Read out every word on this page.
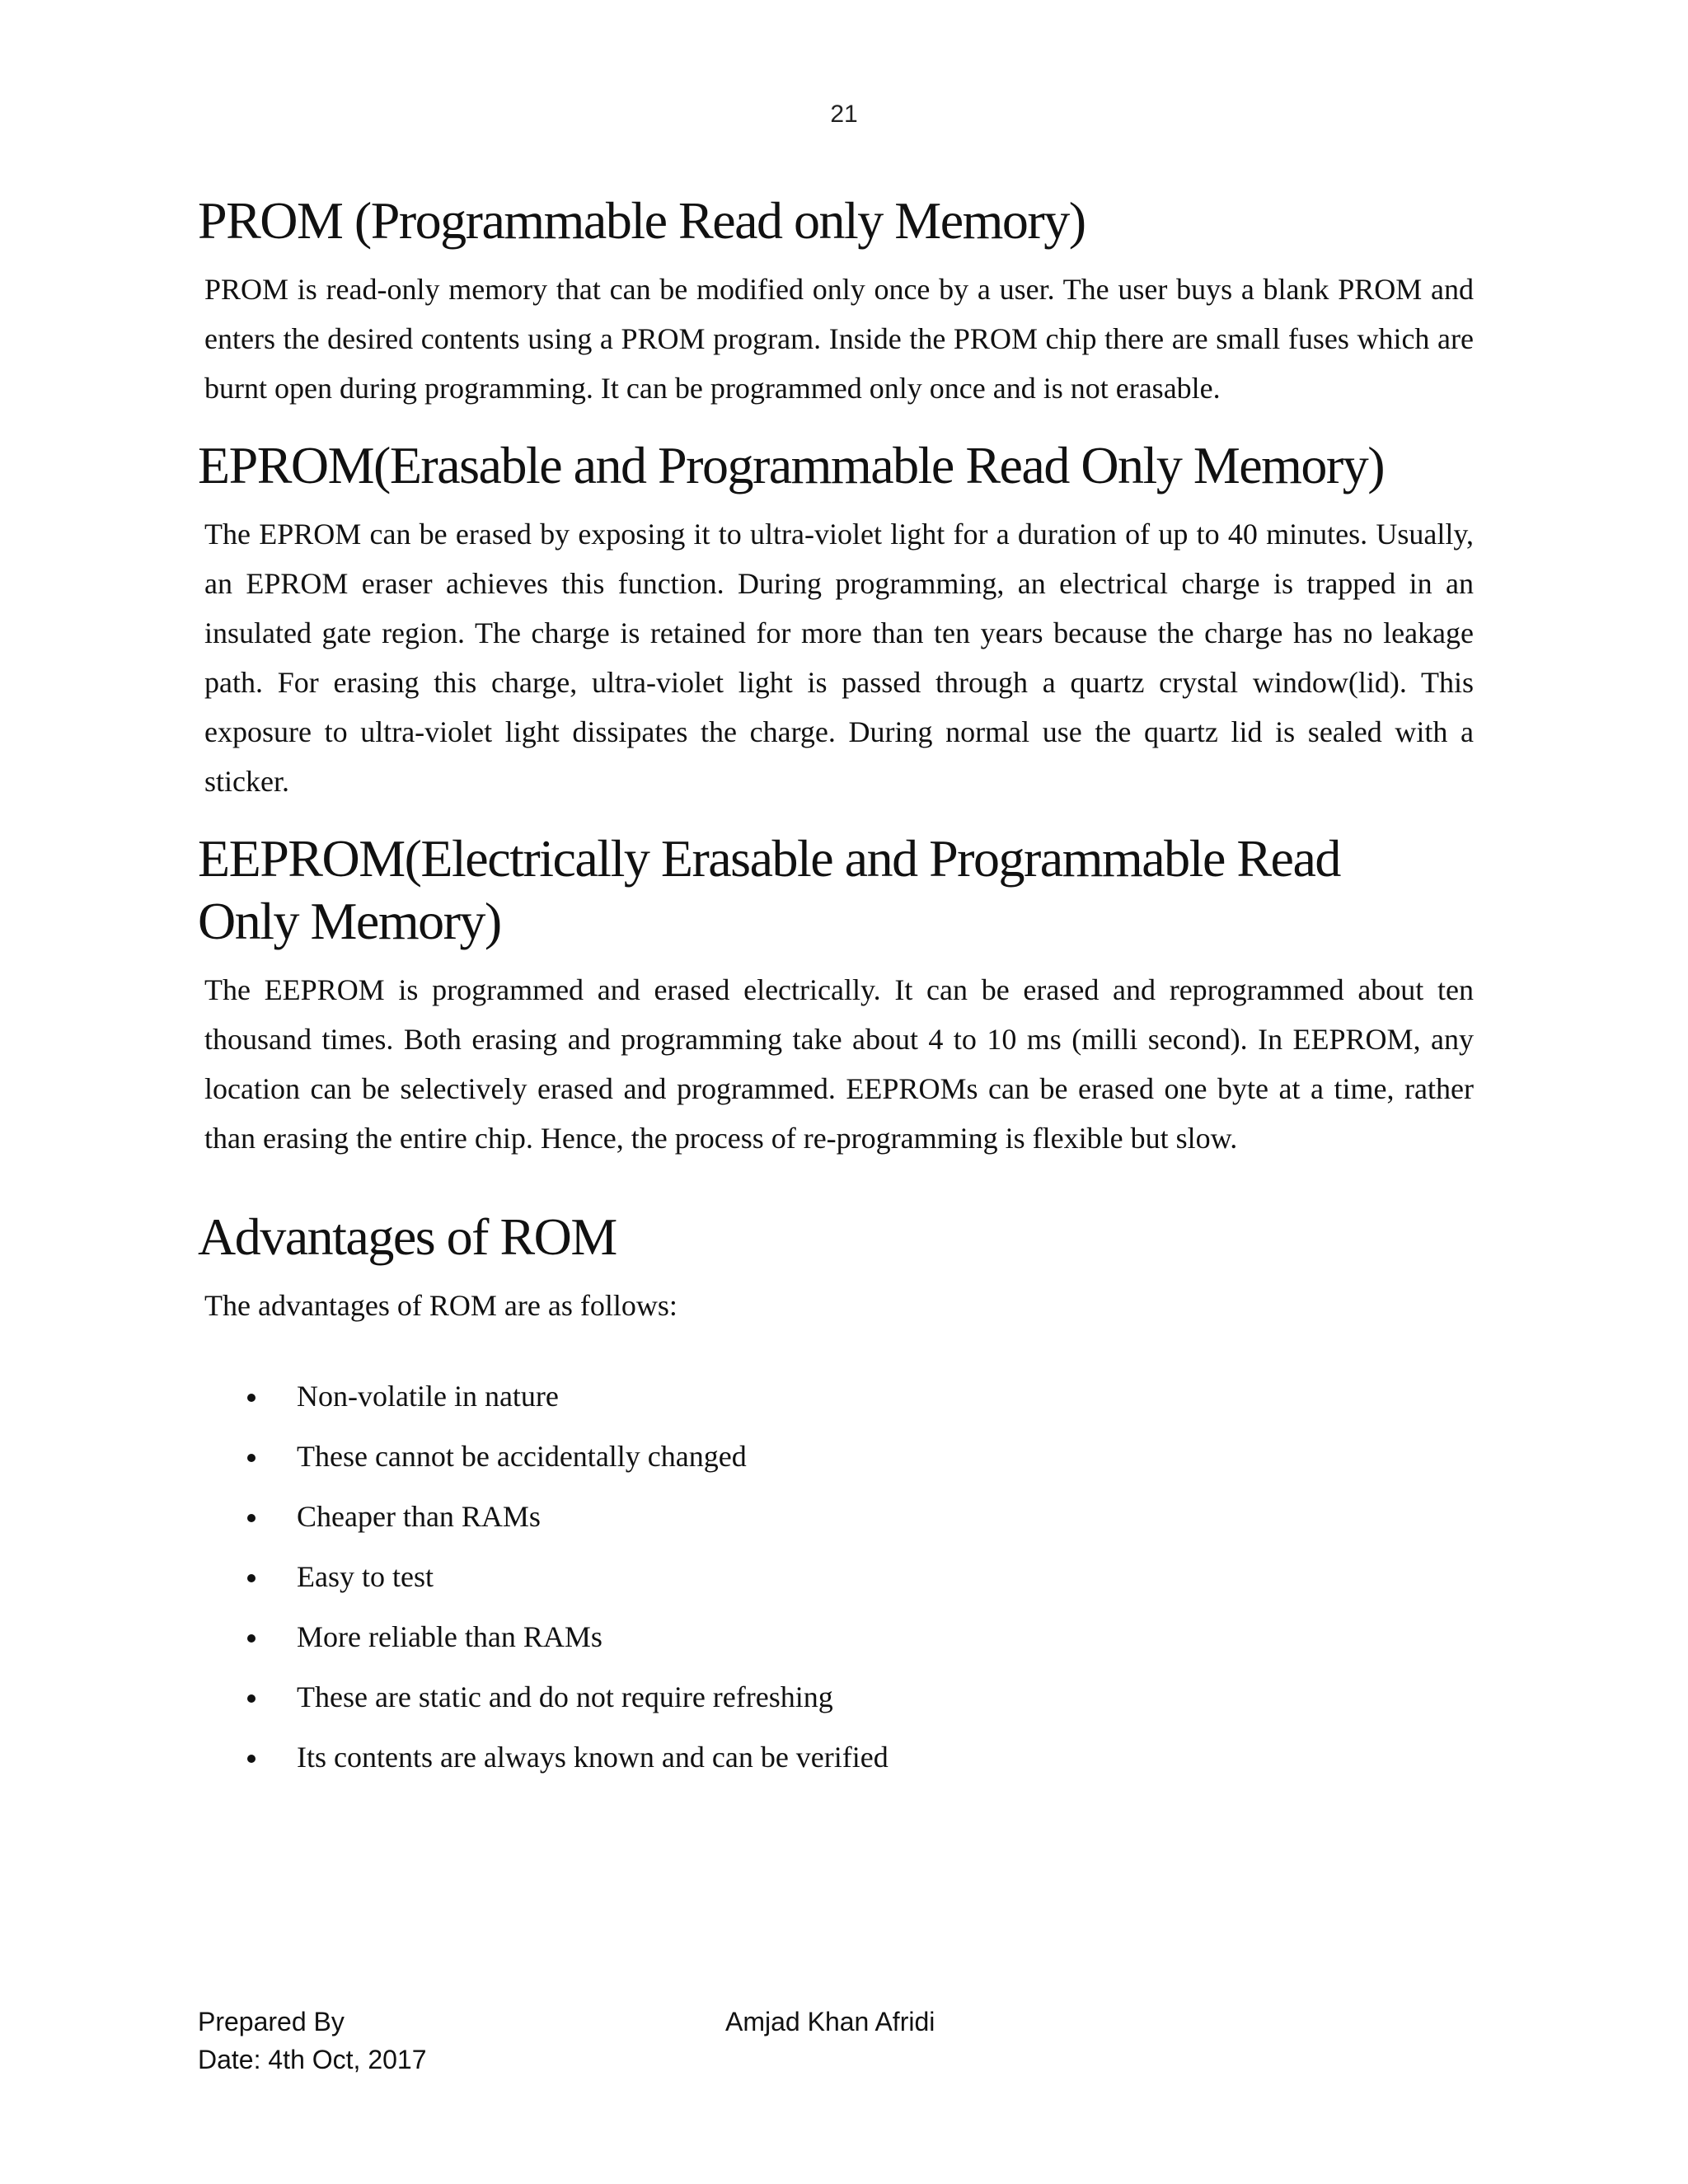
21
PROM (Programmable Read only Memory)

PROM is read-only memory that can be modified only once by a user. The user buys a blank PROM and enters the desired contents using a PROM program. Inside the PROM chip there are small fuses which are burnt open during programming. It can be programmed only once and is not erasable.

EPROM(Erasable and Programmable Read Only Memory)

The EPROM can be erased by exposing it to ultra-violet light for a duration of up to 40 minutes. Usually, an EPROM eraser achieves this function. During programming, an electrical charge is trapped in an insulated gate region. The charge is retained for more than ten years because the charge has no leakage path. For erasing this charge, ultra-violet light is passed through a quartz crystal window(lid). This exposure to ultra-violet light dissipates the charge. During normal use the quartz lid is sealed with a sticker.

EEPROM(Electrically Erasable and Programmable Read Only Memory)

The EEPROM is programmed and erased electrically. It can be erased and reprogrammed about ten thousand times. Both erasing and programming take about 4 to 10 ms (milli second). In EEPROM, any location can be selectively erased and programmed. EEPROMs can be erased one byte at a time, rather than erasing the entire chip. Hence, the process of re-programming is flexible but slow.

Advantages of ROM

The advantages of ROM are as follows:

Non-volatile in nature
These cannot be accidentally changed
Cheaper than RAMs
Easy to test
More reliable than RAMs
These are static and do not require refreshing
Its contents are always known and can be verified
Prepared By	Amjad Khan Afridi
Date: 4th Oct, 2017
